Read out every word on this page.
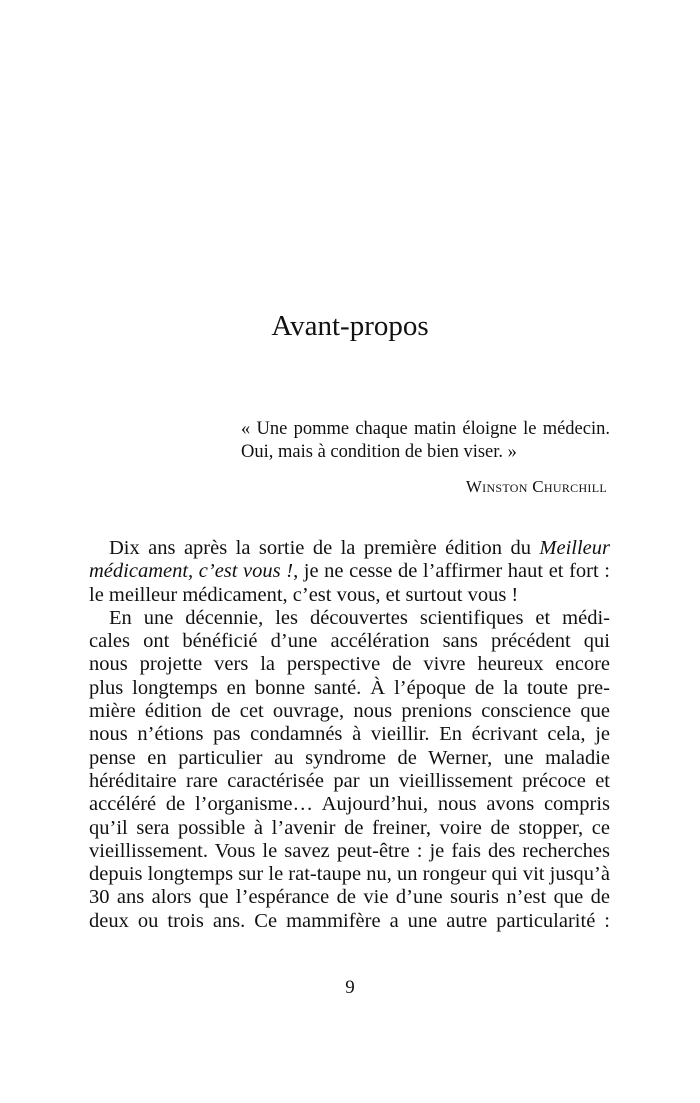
Avant-propos
« Une pomme chaque matin éloigne le médecin.
Oui, mais à condition de bien viser. »
Winston Churchill
Dix ans après la sortie de la première édition du Meilleur
médicament, c’est vous !, je ne cesse de l’affirmer haut et fort :
le meilleur médicament, c’est vous, et surtout vous !
En une décennie, les découvertes scientifiques et médi-
cales ont bénéficié d’une accélération sans précédent qui
nous projette vers la perspective de vivre heureux encore
plus longtemps en bonne santé. À l’époque de la toute pre-
mière édition de cet ouvrage, nous prenions conscience que
nous n’étions pas condamnés à vieillir. En écrivant cela, je
pense en particulier au syndrome de Werner, une maladie
héréditaire rare caractérisée par un vieillissement précoce et
accéléré de l’organisme… Aujourd’hui, nous avons compris
qu’il sera possible à l’avenir de freiner, voire de stopper, ce
vieillissement. Vous le savez peut-être : je fais des recherches
depuis longtemps sur le rat-taupe nu, un rongeur qui vit jusqu’à
30 ans alors que l’espérance de vie d’une souris n’est que de
deux ou trois ans. Ce mammifère a une autre particularité :
9
